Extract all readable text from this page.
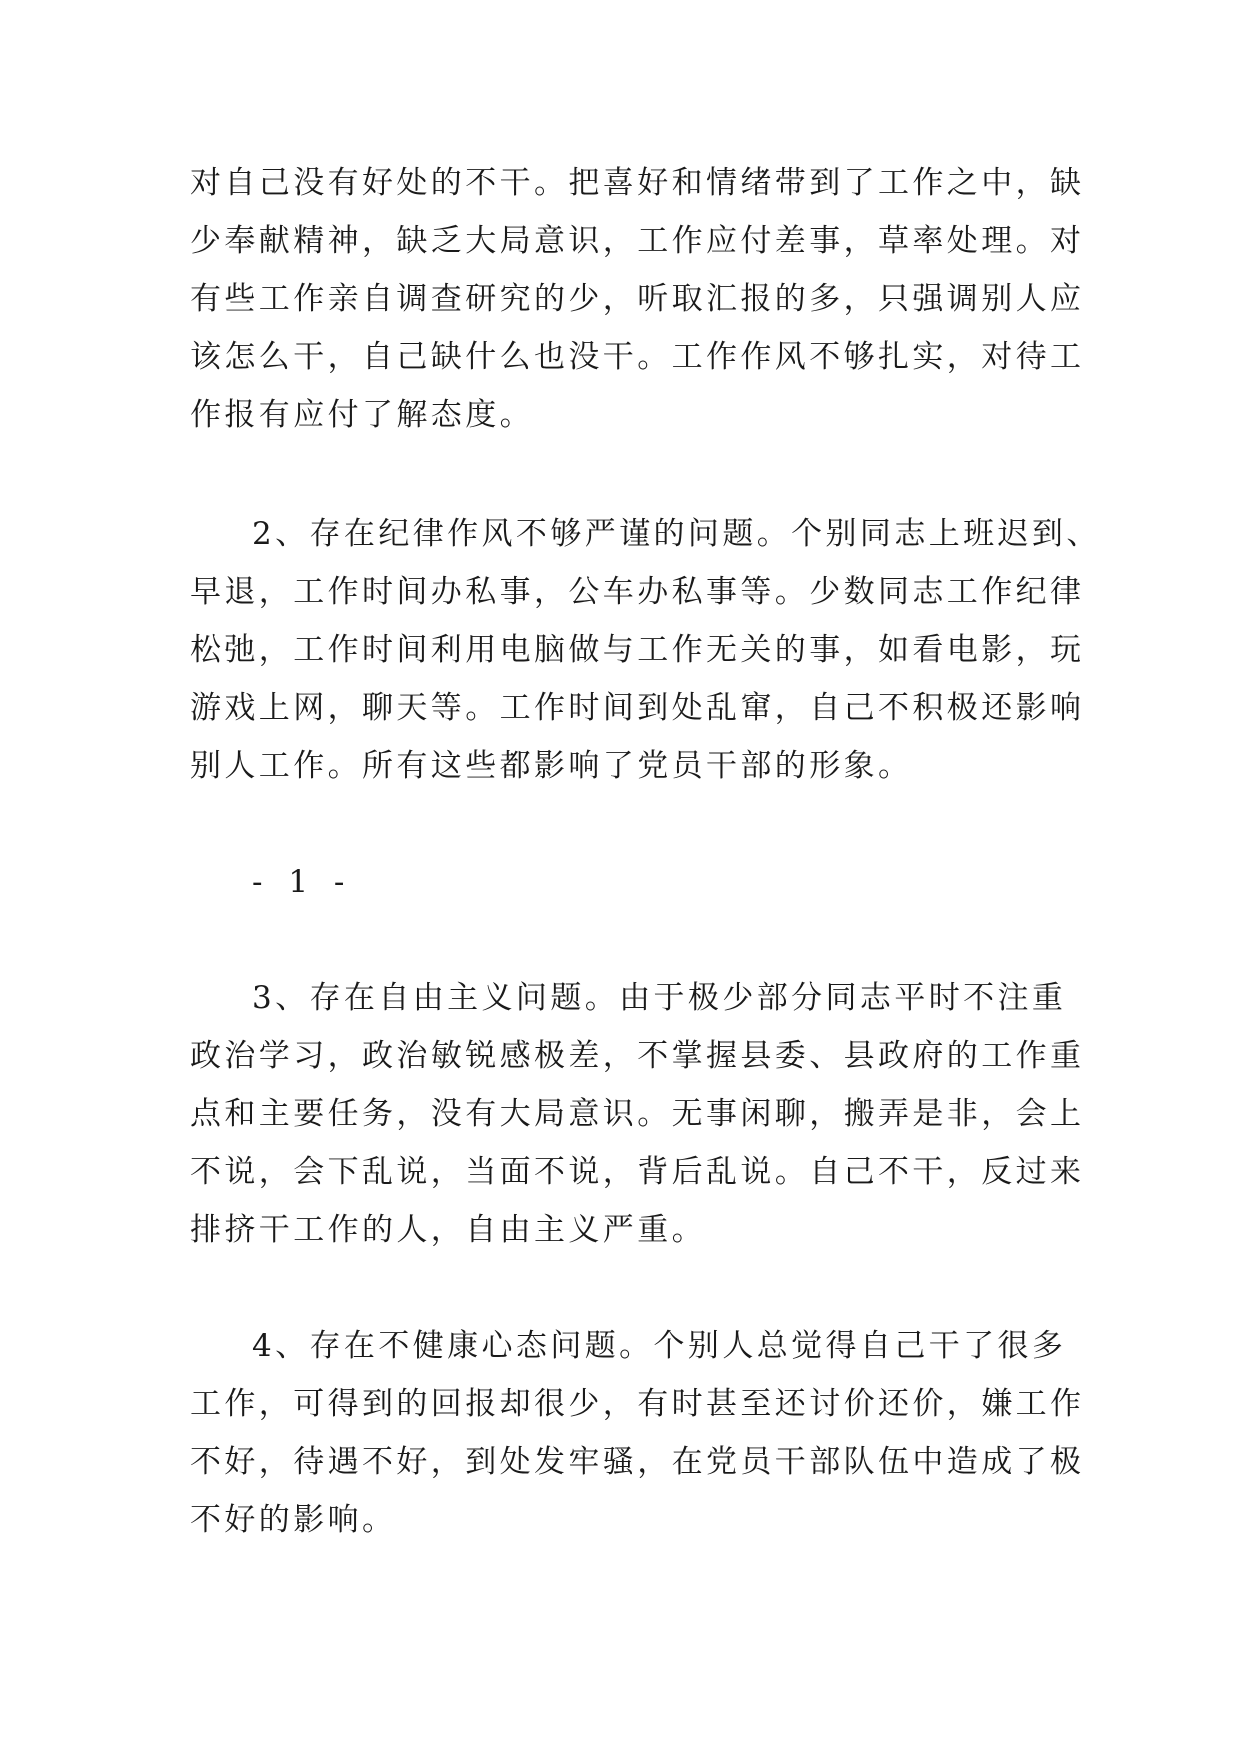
对自己没有好处的不干。把喜好和情绪带到了工作之中，缺
少奉献精神，缺乏大局意识，工作应付差事，草率处理。对
有些工作亲自调查研究的少，听取汇报的多，只强调别人应
该怎么干，自己缺什么也没干。工作作风不够扎实，对待工
作报有应付了解态度。
2、存在纪律作风不够严谨的问题。个别同志上班迟到、
早退，工作时间办私事，公车办私事等。少数同志工作纪律
松弛，工作时间利用电脑做与工作无关的事，如看电影，玩
游戏上网，聊天等。工作时间到处乱窜，自己不积极还影响
别人工作。所有这些都影响了党员干部的形象。
- 1 -
3、存在自由主义问题。由于极少部分同志平时不注重
政治学习，政治敏锐感极差，不掌握县委、县政府的工作重
点和主要任务，没有大局意识。无事闲聊，搬弄是非，会上
不说，会下乱说，当面不说，背后乱说。自己不干，反过来
排挤干工作的人，自由主义严重。
4、存在不健康心态问题。个别人总觉得自己干了很多
工作，可得到的回报却很少，有时甚至还讨价还价，嫌工作
不好，待遇不好，到处发牢骚，在党员干部队伍中造成了极
不好的影响。
